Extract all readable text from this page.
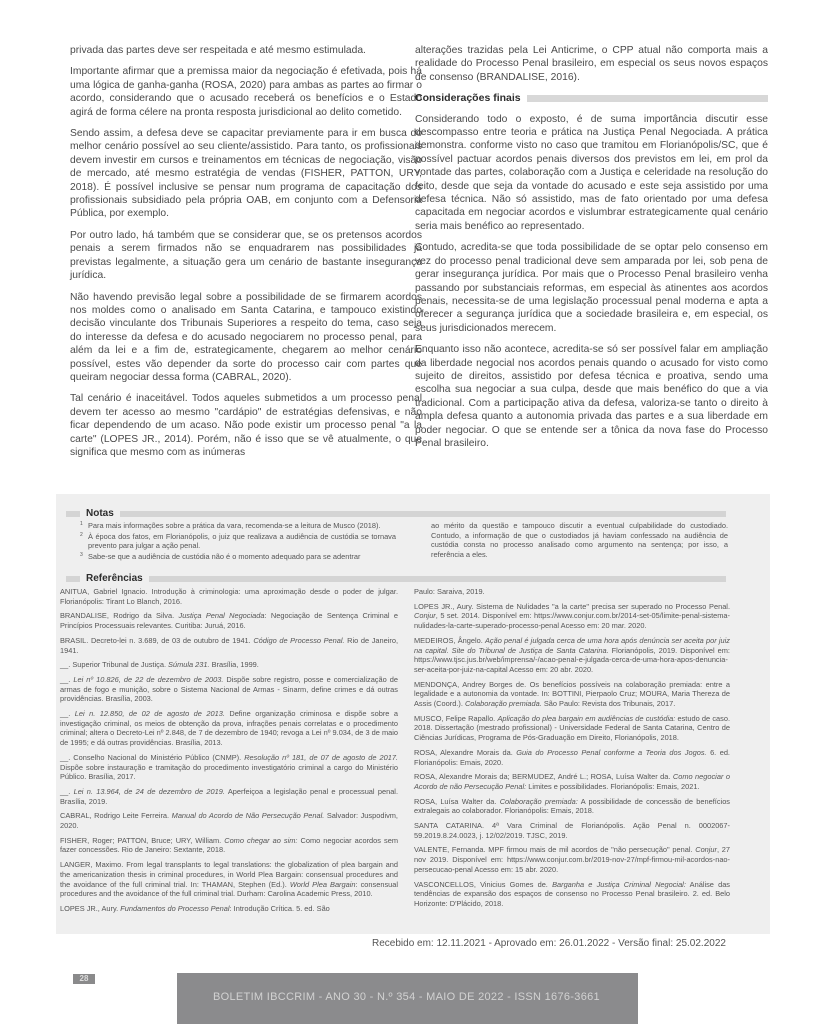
privada das partes deve ser respeitada e até mesmo estimulada.

Importante afirmar que a premissa maior da negociação é efetivada, pois há uma lógica de ganha-ganha (ROSA, 2020) para ambas as partes ao firmar o acordo, considerando que o acusado receberá os benefícios e o Estado agirá de forma célere na pronta resposta jurisdicional ao delito cometido.

Sendo assim, a defesa deve se capacitar previamente para ir em busca do melhor cenário possível ao seu cliente/assistido. Para tanto, os profissionais devem investir em cursos e treinamentos em técnicas de negociação, visão de mercado, até mesmo estratégia de vendas (FISHER, PATTON, URY, 2018). É possível inclusive se pensar num programa de capacitação dos profissionais subsidiado pela própria OAB, em conjunto com a Defensoria Pública, por exemplo.

Por outro lado, há também que se considerar que, se os pretensos acordos penais a serem firmados não se enquadrarem nas possibilidades já previstas legalmente, a situação gera um cenário de bastante insegurança jurídica.

Não havendo previsão legal sobre a possibilidade de se firmarem acordos nos moldes como o analisado em Santa Catarina, e tampouco existindo decisão vinculante dos Tribunais Superiores a respeito do tema, caso seja do interesse da defesa e do acusado negociarem no processo penal, para além da lei e a fim de, estrategicamente, chegarem ao melhor cenário possível, estes vão depender da sorte do processo cair com partes que queiram negociar dessa forma (CABRAL, 2020).

Tal cenário é inaceitável. Todos aqueles submetidos a um processo penal devem ter acesso ao mesmo "cardápio" de estratégias defensivas, e não ficar dependendo de um acaso. Não pode existir um processo penal "a la carte" (LOPES JR., 2014). Porém, não é isso que se vê atualmente, o que significa que mesmo com as inúmeras

alterações trazidas pela Lei Anticrime, o CPP atual não comporta mais a realidade do Processo Penal brasileiro, em especial os seus novos espaços de consenso (BRANDALISE, 2016).

Considerações finais

Considerando todo o exposto, é de suma importância discutir esse descompasso entre teoria e prática na Justiça Penal Negociada. A prática demonstra. conforme visto no caso que tramitou em Florianópolis/SC, que é possível pactuar acordos penais diversos dos previstos em lei, em prol da vontade das partes, colaboração com a Justiça e celeridade na resolução do feito, desde que seja da vontade do acusado e este seja assistido por uma defesa técnica. Não só assistido, mas de fato orientado por uma defesa capacitada em negociar acordos e vislumbrar estrategicamente qual cenário seria mais benéfico ao representado.

Contudo, acredita-se que toda possibilidade de se optar pelo consenso em vez do processo penal tradicional deve sem amparada por lei, sob pena de gerar insegurança jurídica. Por mais que o Processo Penal brasileiro venha passando por substanciais reformas, em especial às atinentes aos acordos penais, necessita-se de uma legislação processual penal moderna e apta a oferecer a segurança jurídica que a sociedade brasileira e, em especial, os seus jurisdicionados merecem.

Enquanto isso não acontece, acredita-se só ser possível falar em ampliação da liberdade negocial nos acordos penais quando o acusado for visto como sujeito de direitos, assistido por defesa técnica e proativa, sendo uma escolha sua negociar a sua culpa, desde que mais benéfico do que a via tradicional. Com a participação ativa da defesa, valoriza-se tanto o direito à ampla defesa quanto a autonomia privada das partes e a sua liberdade em poder negociar. O que se entende ser a tônica da nova fase do Processo Penal brasileiro.

Notas
1 Para mais informações sobre a prática da vara, recomenda-se a leitura de Musco (2018).
2 À época dos fatos, em Florianópolis, o juiz que realizava a audiência de custódia se tornava prevento para julgar a ação penal.
3 Sabe-se que a audiência de custódia não é o momento adequado para se adentrar
ao mérito da questão e tampouco discutir a eventual culpabilidade do custodiado. Contudo, a informação de que o custodiados já haviam confessado na audiência de custódia consta no processo analisado como argumento na sentença; por isso, a referência a eles.
Referências

ANITUA, Gabriel Ignacio. Introdução à criminologia: uma aproximação desde o poder de julgar. Florianópolis: Tirant Lo Blanch, 2016.

BRANDALISE, Rodrigo da Silva. Justiça Penal Negociada: Negociação de Sentença Criminal e Princípios Processuais relevantes. Curitiba: Juruá, 2016.

BRASIL. Decreto-lei n. 3.689, de 03 de outubro de 1941. Código de Processo Penal. Rio de Janeiro, 1941.

__. Superior Tribunal de Justiça. Súmula 231. Brasília, 1999.

__. Lei nº 10.826, de 22 de dezembro de 2003. Dispõe sobre registro, posse e comercialização de armas de fogo e munição, sobre o Sistema Nacional de Armas - Sinarm, define crimes e dá outras providências. Brasília, 2003.

__. Lei n. 12.850, de 02 de agosto de 2013. Define organização criminosa e dispõe sobre a investigação criminal, os meios de obtenção da prova, infrações penais correlatas e o procedimento criminal; altera o Decreto-Lei nº 2.848, de 7 de dezembro de 1940; revoga a Lei nº 9.034, de 3 de maio de 1995; e dá outras providências. Brasília, 2013.

__. Conselho Nacional do Ministério Público (CNMP). Resolução nº 181, de 07 de agosto de 2017. Dispõe sobre instauração e tramitação do procedimento investigatório criminal a cargo do Ministério Público. Brasília, 2017.

__. Lei n. 13.964, de 24 de dezembro de 2019. Aperfeiçoa a legislação penal e processual penal. Brasília, 2019.

CABRAL, Rodrigo Leite Ferreira. Manual do Acordo de Não Persecução Penal. Salvador: Juspodivm, 2020.

FISHER, Roger; PATTON, Bruce; URY, William. Como chegar ao sim: Como negociar acordos sem fazer concessões. Rio de Janeiro: Sextante, 2018.

LANGER, Maximo. From legal transplants to legal translations: the globalization of plea bargain and the americanization thesis in criminal procedures, in World Plea Bargain: consensual procedures and the avoidance of the full criminal trial. In: THAMAN, Stephen (Ed.). World Plea Bargain: consensual procedures and the avoidance of the full criminal trial. Durham: Carolina Academic Press, 2010.

LOPES JR., Aury. Fundamentos do Processo Penal: Introdução Crítica. 5. ed. São

Paulo: Saraiva, 2019.

LOPES JR., Aury. Sistema de Nulidades "a la carte" precisa ser superado no Processo Penal. Conjur, 5 set. 2014. Disponível em: https://www.conjur.com.br/2014-set-05/limite-penal-sistema-nulidades-la-carte-superado-processo-penal Acesso em: 20 mar. 2020.

MEDEIROS, Ângelo. Ação penal é julgada cerca de uma hora após denúncia ser aceita por juiz na capital. Site do Tribunal de Justiça de Santa Catarina. Florianópolis, 2019. Disponível em: https://www.tjsc.jus.br/web/imprensa/-/acao-penal-e-julgada-cerca-de-uma-hora-apos-denuncia-ser-aceita-por-juiz-na-capital Acesso em: 20 abr. 2020.

MENDONÇA, Andrey Borges de. Os benefícios possíveis na colaboração premiada: entre a legalidade e a autonomia da vontade. In: BOTTINI, Pierpaolo Cruz; MOURA, Maria Thereza de Assis (Coord.). Colaboração premiada. São Paulo: Revista dos Tribunais, 2017.

MUSCO, Felipe Rapallo. Aplicação do plea bargain em audiências de custódia: estudo de caso. 2018. Dissertação (mestrado profissional) - Universidade Federal de Santa Catarina, Centro de Ciências Jurídicas, Programa de Pós-Graduação em Direito, Florianópolis, 2018.

ROSA, Alexandre Morais da. Guia do Processo Penal conforme a Teoria dos Jogos. 6. ed. Florianópolis: Emais, 2020.

ROSA, Alexandre Morais da; BERMUDEZ, André L.; ROSA, Luísa Walter da. Como negociar o Acordo de não Persecução Penal: Limites e possibilidades. Florianópolis: Emais, 2021.

ROSA, Luísa Walter da. Colaboração premiada: A possibilidade de concessão de benefícios extralegais ao colaborador. Florianópolis: Emais, 2018.

SANTA CATARINA. 4ª Vara Criminal de Florianópolis. Ação Penal n. 0002067-59.2019.8.24.0023, j. 12/02/2019. TJSC, 2019.

VALENTE, Fernanda. MPF firmou mais de mil acordos de "não persecução" penal. Conjur, 27 nov 2019. Disponível em: https://www.conjur.com.br/2019-nov-27/mpf-firmou-mil-acordos-nao-persecucao-penal Acesso em: 15 abr. 2020.

VASCONCELLOS, Vinicius Gomes de. Barganha e Justiça Criminal Negocial: Análise das tendências de expansão dos espaços de consenso no Processo Penal brasileiro. 2. ed. Belo Horizonte: D'Plácido, 2018.

Recebido em: 12.11.2021 - Aprovado em: 26.01.2022 - Versão final: 25.02.2022
28
BOLETIM IBCCRIM - ANO 30 - N.º 354 - MAIO DE 2022 - ISSN 1676-3661
